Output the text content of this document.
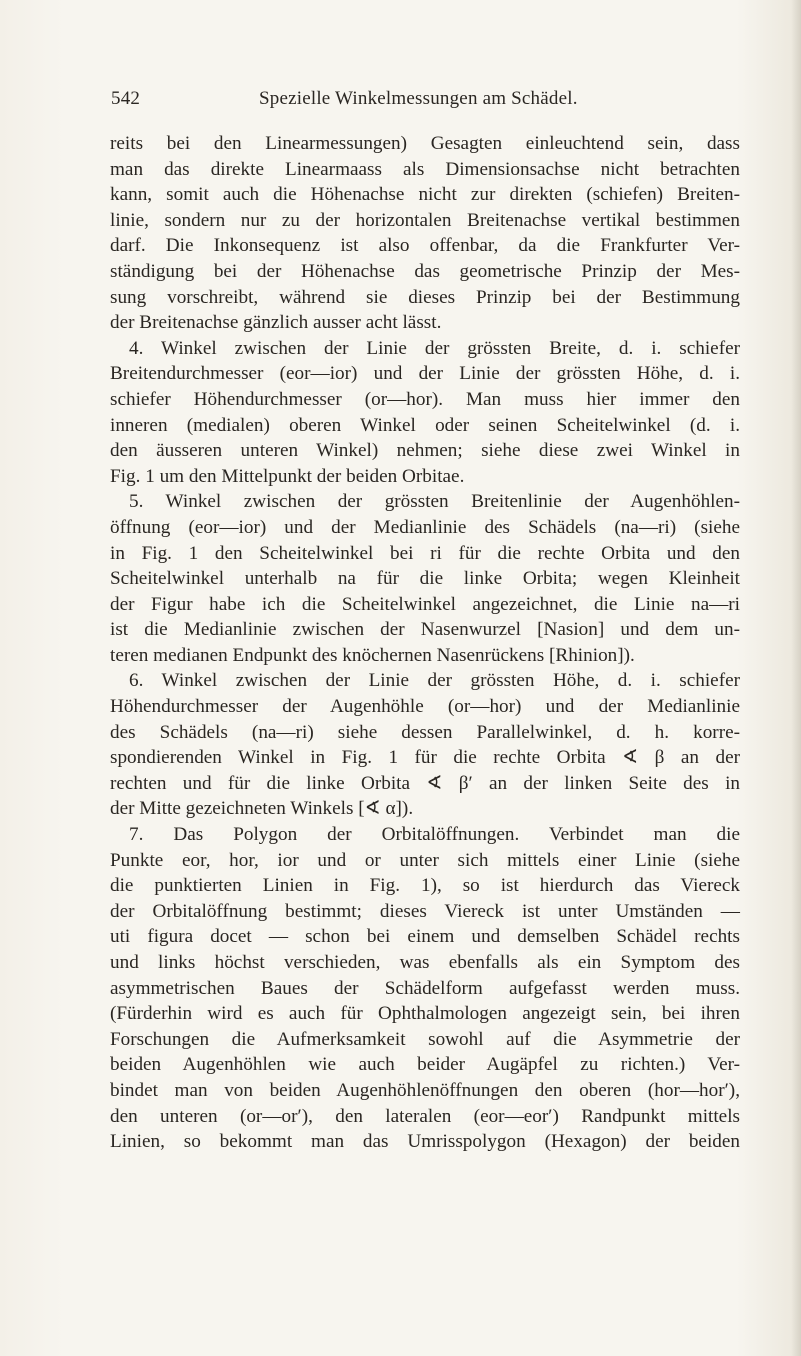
542	Spezielle Winkelmessungen am Schädel.
reits bei den Linearmessungen) Gesagten einleuchtend sein, dass
man das direkte Linearmaass als Dimensionsachse nicht betrachten
kann, somit auch die Höhenachse nicht zur direkten (schiefen) Breiten-
linie, sondern nur zu der horizontalen Breitenachse vertikal bestimmen
darf. Die Inkonsequenz ist also offenbar, da die Frankfurter Ver-
ständigung bei der Höhenachse das geometrische Prinzip der Mes-
sung vorschreibt, während sie dieses Prinzip bei der Bestimmung
der Breitenachse gänzlich ausser acht lässt.
4. Winkel zwischen der Linie der grössten Breite, d. i. schiefer
Breitendurchmesser (eor—ior) und der Linie der grössten Höhe, d. i.
schiefer Höhendurchmesser (or—hor). Man muss hier immer den
inneren (medialen) oberen Winkel oder seinen Scheitelwinkel (d. i.
den äusseren unteren Winkel) nehmen; siehe diese zwei Winkel in
Fig. 1 um den Mittelpunkt der beiden Orbitae.
5. Winkel zwischen der grössten Breitenlinie der Augenhöhlen-
öffnung (eor—ior) und der Medianlinie des Schädels (na—ri) (siehe
in Fig. 1 den Scheitelwinkel bei ri für die rechte Orbita und den
Scheitelwinkel unterhalb na für die linke Orbita; wegen Kleinheit
der Figur habe ich die Scheitelwinkel angezeichnet, die Linie na—ri
ist die Medianlinie zwischen der Nasenwurzel [Nasion] und dem un-
teren medianen Endpunkt des knöchernen Nasenrückens [Rhinion]).
6. Winkel zwischen der Linie der grössten Höhe, d. i. schiefer
Höhendurchmesser der Augenhöhle (or—hor) und der Medianlinie
des Schädels (na—ri) siehe dessen Parallelwinkel, d. h. korre-
spondierenden Winkel in Fig. 1 für die rechte Orbita ∢ β an der
rechten und für die linke Orbita ∢ β′ an der linken Seite des in
der Mitte gezeichneten Winkels [∢ α]).
7. Das Polygon der Orbitalöffnungen. Verbindet man die
Punkte eor, hor, ior und or unter sich mittels einer Linie (siehe
die punktierten Linien in Fig. 1), so ist hierdurch das Viereck
der Orbitalöffnung bestimmt; dieses Viereck ist unter Umständen —
uti figura docet — schon bei einem und demselben Schädel rechts
und links höchst verschieden, was ebenfalls als ein Symptom des
asymmetrischen Baues der Schädelform aufgefasst werden muss.
(Fürderhin wird es auch für Ophthalmologen angezeigt sein, bei ihren
Forschungen die Aufmerksamkeit sowohl auf die Asymmetrie der
beiden Augenhöhlen wie auch beider Augäpfel zu richten.) Ver-
bindet man von beiden Augenhöhlenöffnungen den oberen (hor—hor′),
den unteren (or—or′), den lateralen (eor—eor′) Randpunkt mittels
Linien, so bekommt man das Umrisspolygon (Hexagon) der beiden
